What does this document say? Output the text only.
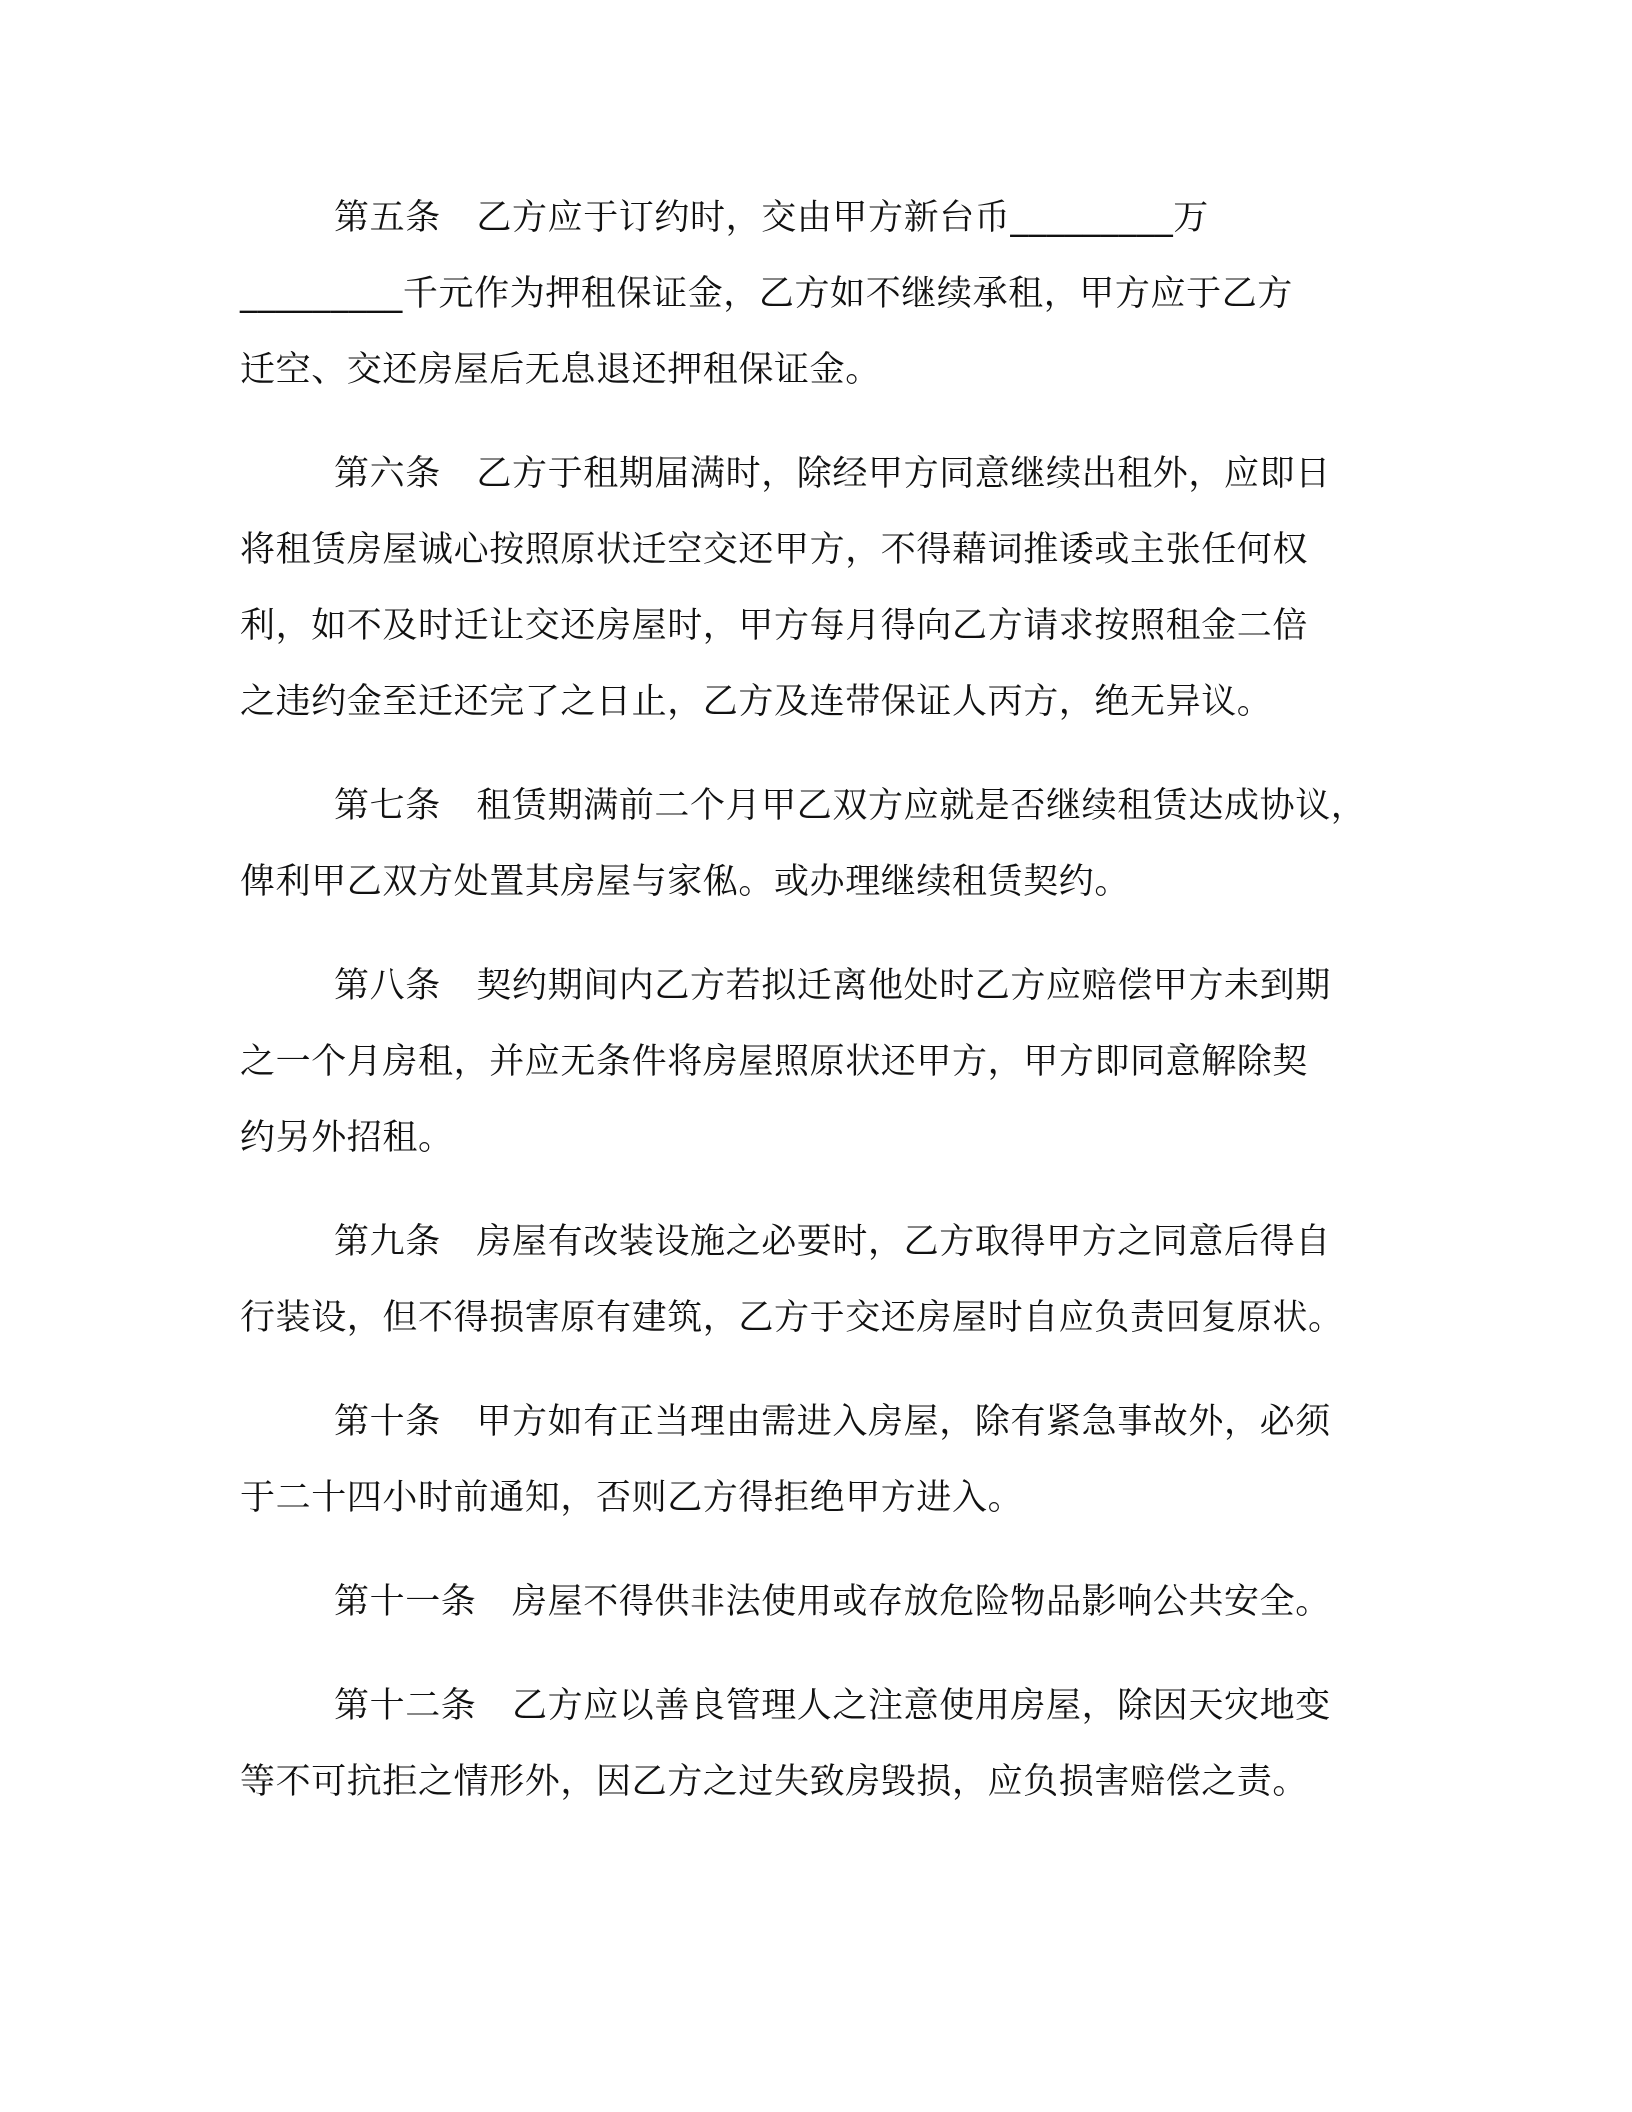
第五条　乙方应于订约时，交由甲方新台币_________万

_________千元作为押租保证金，乙方如不继续承租，甲方应于乙方

迁空、交还房屋后无息退还押租保证金。

第六条　乙方于租期届满时，除经甲方同意继续出租外，应即日

将租赁房屋诚心按照原状迁空交还甲方，不得藉词推诿或主张任何权

利，如不及时迁让交还房屋时，甲方每月得向乙方请求按照租金二倍

之违约金至迁还完了之日止，乙方及连带保证人丙方，绝无异议。

第七条　租赁期满前二个月甲乙双方应就是否继续租赁达成协议，

俾利甲乙双方处置其房屋与家俬。或办理继续租赁契约。

第八条　契约期间内乙方若拟迁离他处时乙方应赔偿甲方未到期

之一个月房租，并应无条件将房屋照原状还甲方，甲方即同意解除契

约另外招租。

第九条　房屋有改装设施之必要时，乙方取得甲方之同意后得自

行装设，但不得损害原有建筑，乙方于交还房屋时自应负责回复原状。

第十条　甲方如有正当理由需进入房屋，除有紧急事故外，必须

于二十四小时前通知，否则乙方得拒绝甲方进入。

第十一条　房屋不得供非法使用或存放危险物品影响公共安全。

第十二条　乙方应以善良管理人之注意使用房屋，除因天灾地变

等不可抗拒之情形外，因乙方之过失致房毁损，应负损害赔偿之责。
